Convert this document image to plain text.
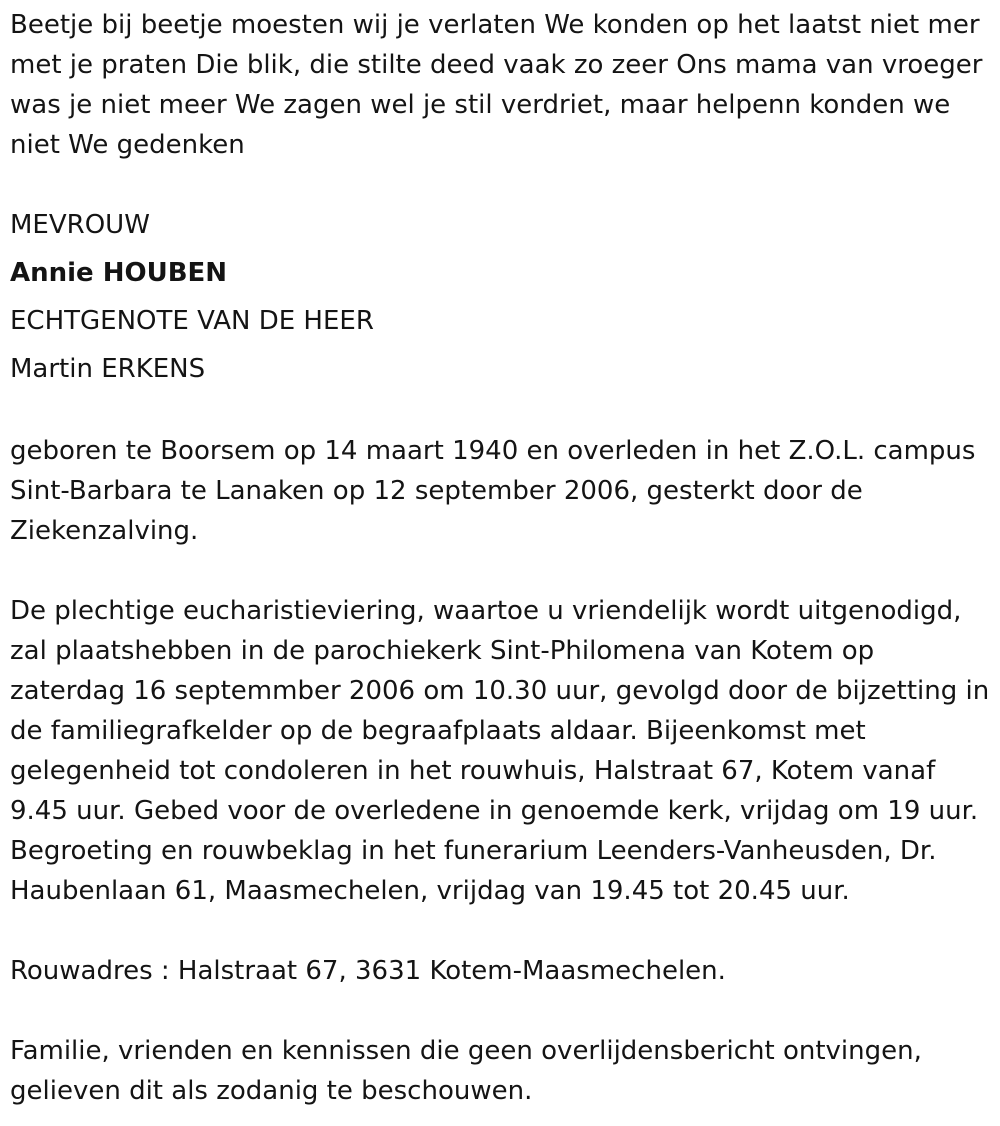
Beetje bij beetje moesten wij je verlaten We konden op het laatst niet mer met je praten Die blik, die stilte deed vaak zo zeer Ons mama van vroeger was je niet meer We zagen wel je stil verdriet, maar helpenn konden we niet We gedenken

MEVROUW
Annie HOUBEN
ECHTGENOTE VAN DE HEER
Martin ERKENS

geboren te Boorsem op 14 maart 1940 en overleden in het Z.O.L. campus Sint-Barbara te Lanaken op 12 september 2006, gesterkt door de Ziekenzalving.

De plechtige eucharistieviering, waartoe u vriendelijk wordt uitgenodigd, zal plaatshebben in de parochiekerk Sint-Philomena van Kotem op zaterdag 16 septemmber 2006 om 10.30 uur, gevolgd door de bijzetting in de familiegrafkelder op de begraafplaats aldaar. Bijeenkomst met gelegenheid tot condoleren in het rouwhuis, Halstraat 67, Kotem vanaf 9.45 uur. Gebed voor de overledene in genoemde kerk, vrijdag om 19 uur. Begroeting en rouwbeklag in het funerarium Leenders-Vanheusden, Dr. Haubenlaan 61, Maasmechelen, vrijdag van 19.45 tot 20.45 uur.

Rouwadres : Halstraat 67, 3631 Kotem-Maasmechelen.

Familie, vrienden en kennissen die geen overlijdensbericht ontvingen, gelieven dit als zodanig te beschouwen.
